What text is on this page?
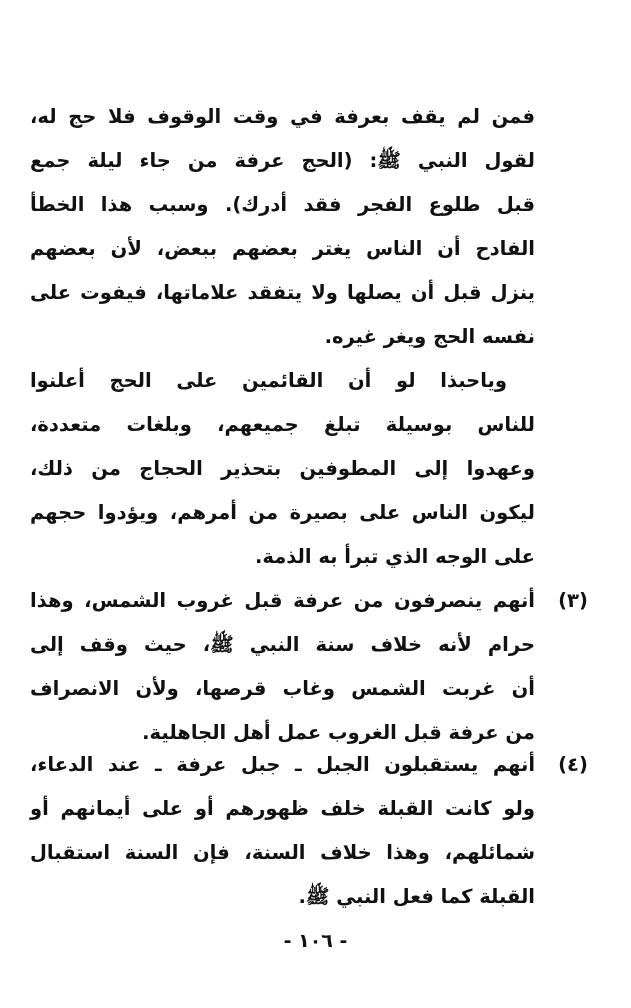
فمن لم يقف بعرفة في وقت الوقوف فلا حج له،
لقول النبي ﷺ: (الحج عرفة من جاء ليلة جمع
قبل طلوع الفجر فقد أدرك). وسبب هذا الخطأ
الفادح أن الناس يغتر بعضهم ببعض، لأن بعضهم
ينزل قبل أن يصلها ولا يتفقد علاماتها، فيفوت على
نفسه الحج ويغر غيره.
وياحبذا لو أن القائمين على الحج أعلنوا
للناس بوسيلة تبلغ جميعهم، وبلغات متعددة،
وعهدوا إلى المطوفين بتحذير الحجاج من ذلك،
ليكون الناس على بصيرة من أمرهم، ويؤدوا حجهم
على الوجه الذي تبرأ به الذمة.
(٣)
أنهم ينصرفون من عرفة قبل غروب الشمس، وهذا
حرام لأنه خلاف سنة النبي ﷺ، حيث وقف إلى
أن غربت الشمس وغاب قرصها، ولأن الانصراف
من عرفة قبل الغروب عمل أهل الجاهلية.
(٤)
أنهم يستقبلون الجبل ـ جبل عرفة ـ عند الدعاء،
ولو كانت القبلة خلف ظهورهم أو على أيمانهم أو
شمائلهم، وهذا خلاف السنة، فإن السنة استقبال
القبلة كما فعل النبي ﷺ.
- ١٠٦ -
